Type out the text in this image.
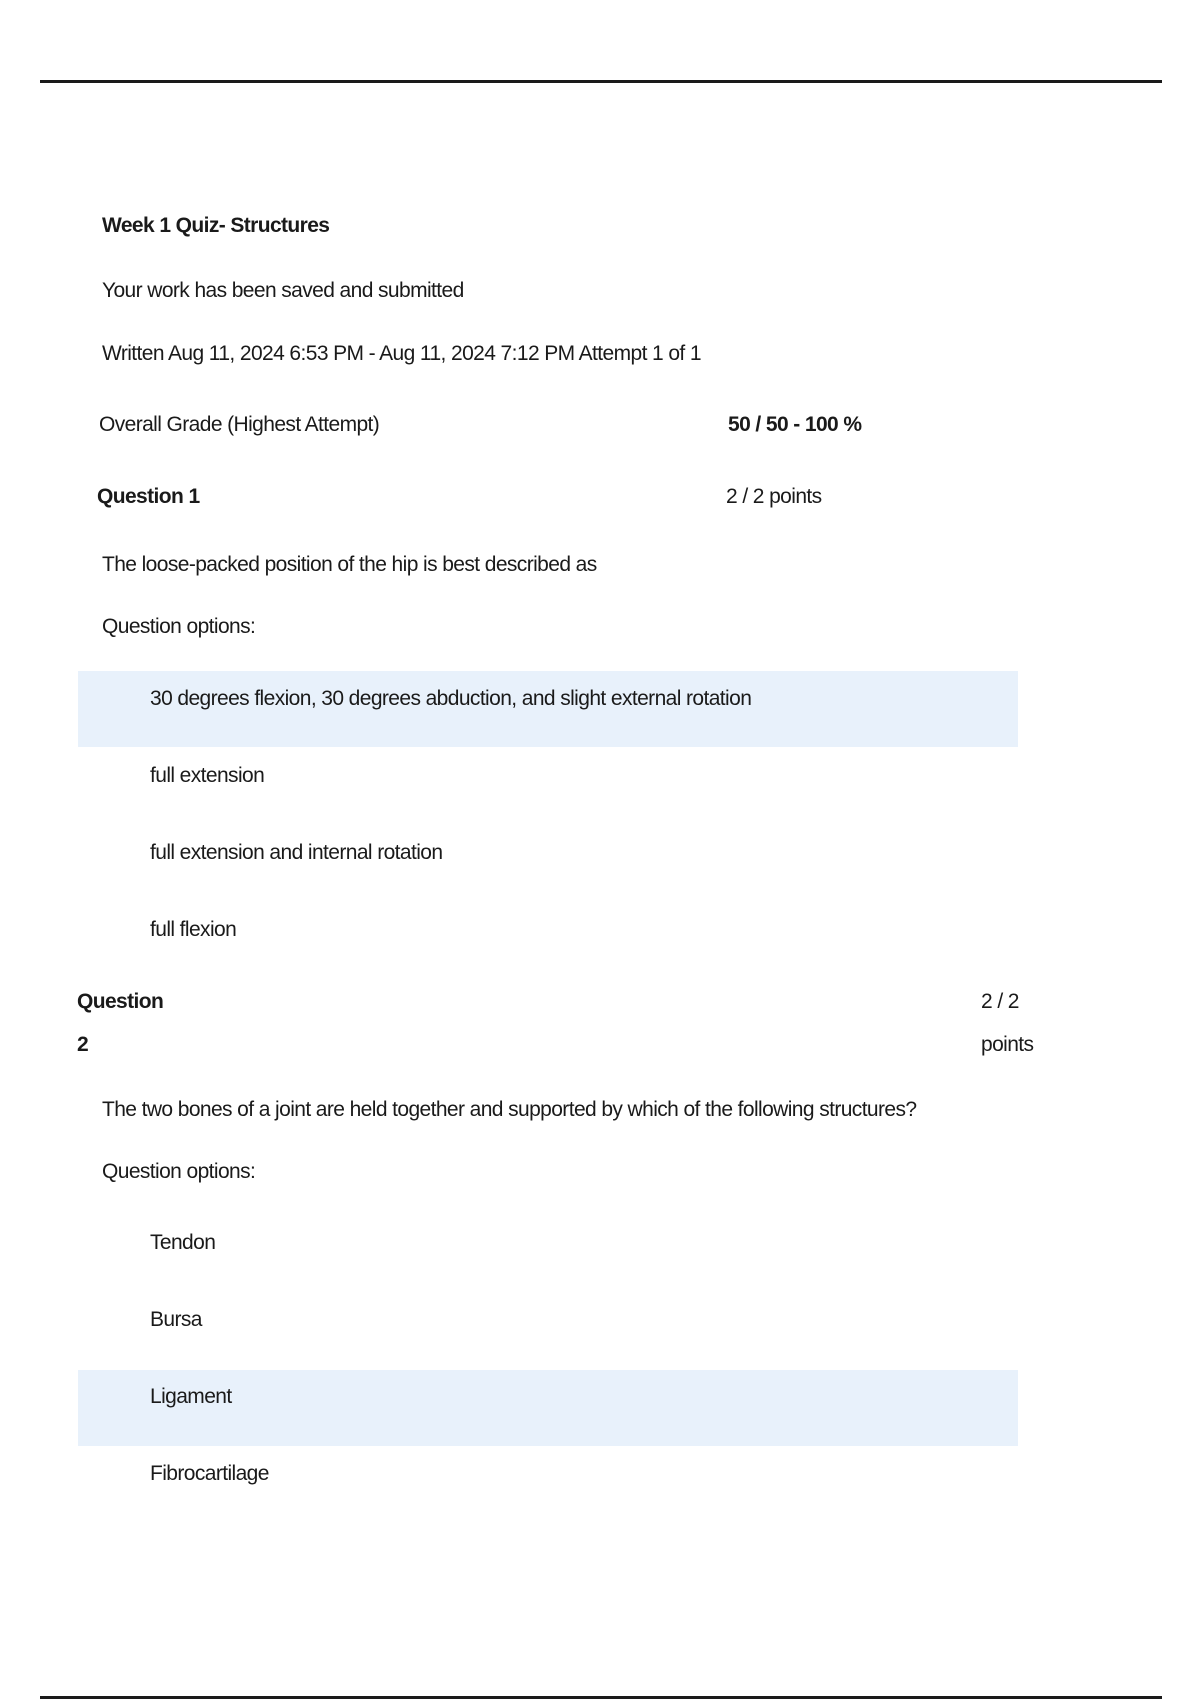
Week 1 Quiz- Structures
Your work has been saved and submitted
Written Aug 11, 2024 6:53 PM - Aug 11, 2024 7:12 PM Attempt 1 of 1
Overall Grade (Highest Attempt)	50 / 50 - 100 %
Question 1	2 / 2 points
The loose-packed position of the hip is best described as
Question options:
30 degrees flexion, 30 degrees abduction, and slight external rotation
full extension
full extension and internal rotation
full flexion
Question
2
2 / 2
points
The two bones of a joint are held together and supported by which of the following structures?
Question options:
Tendon
Bursa
Ligament
Fibrocartilage
